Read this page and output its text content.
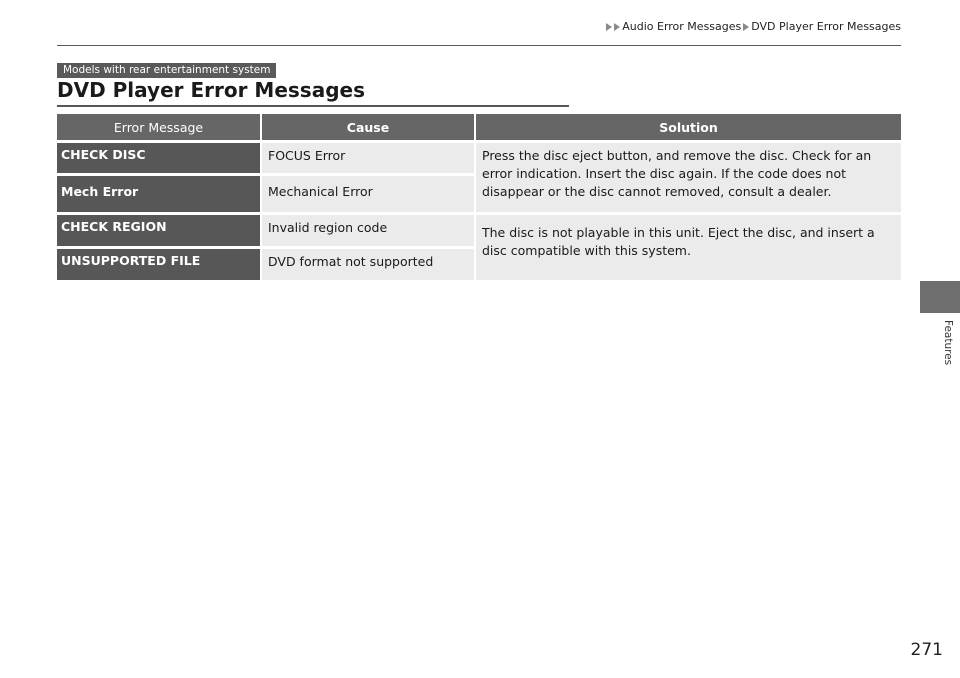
Audio Error Messages DVD Player Error Messages
Models with rear entertainment system
DVD Player Error Messages
Error Message	Cause	Solution

CHECK DISC	FOCUS Error	Press the disc eject button, and remove the disc. Check for an error indication. Insert the disc again. If the code does not disappear or the disc cannot removed, consult a dealer.

Mech Error	Mechanical Error	

CHECK REGION	Invalid region code	The disc is not playable in this unit. Eject the disc, and insert a disc compatible with this system.

UNSUPPORTED FILE	DVD format not supported	
Features
271
